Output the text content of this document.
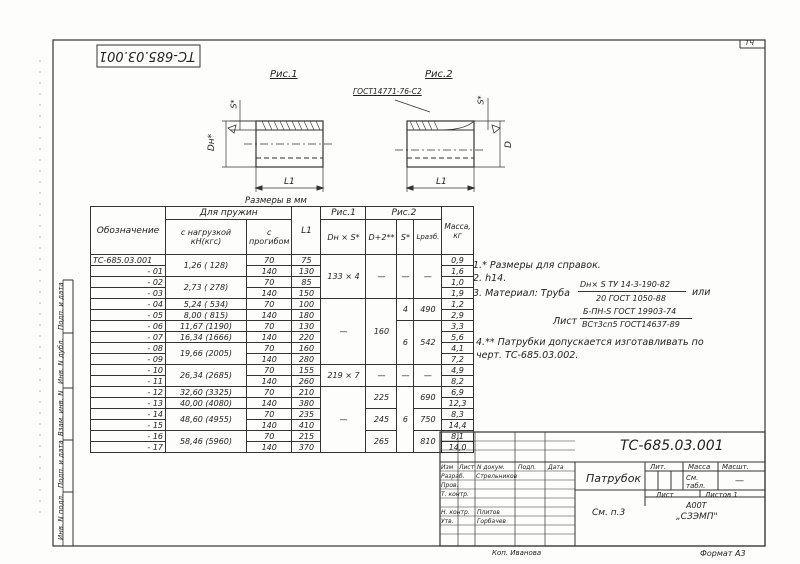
ТЧ
ТС-685.03.001
Рис.1	Рис.2
ГОСТ14771-76-С2
Dн*
S*
L1	L1
S*
D
Размеры в мм
Обозначение	Для пружин		L1	Рис.1	Рис.2			Масса, кг
	с нагрузкой кН(кгс)	с прогибом		Dн × S*	D+2**	S*	Lразб.	
ТС-685.03.001	1,26 ( 128)	70	75	133 × 4	—	—	—	0,9
- 01		140	130					1,6
- 02	2,73 ( 278)	70	85					1,0
- 03		140	150					1,9
- 04	5,24 ( 534)	70	100	—	160	4	490	1,2
- 05	8,00 ( 815)	140	180					2,9
- 06	11,67 (1190)	70	130			6	542	3,3
- 07	16,34 (1666)	140	220					5,6
- 08	19,66 (2005)	70	160					4,1
- 09		140	280					7,2
- 10	26,34 (2685)	70	155	219 × 7	—	—	—	4,9
- 11		140	260					8,2
- 12	32,60 (3325)	70	210	—	225	6	690	6,9
- 13	40,00 (4080)	140	380					12,3
- 14	48,60 (4955)	70	235		245		750	8,3
- 15		140	410					14,4
- 16	58,46 (5960)	70	215		265		810	8,1
- 17		140	370					14,0
1.* Размеры для справок.
2. h14.
3. Материал: Труба
Dн× S ТУ 14-3-190-82
20 ГОСТ 1050-88
или
Лист
Б-ПН-S ГОСТ 19903-74
ВСт3сп5 ГОСТ14637-89
4.** Патрубки допускается изготавливать по
черт. ТС-685.03.002.
ТС-685.03.001
Патрубок
Лит.	Масса Масшт.
См. табл.	—
Лист	Листов 1
А00Т
„СЗЭМП"
См. п.3
Изм Лист N докум. Подп. Дата
Разраб. Стрельников
Пров.
Т. контр.
Н. контр. Плитов
Утв.	Горбачев
Коп. Иванова	Формат А3
Инв. N подл.
Подп. и дата
Взам. инв. N
Инв. N дубл.
Подп. и дата
